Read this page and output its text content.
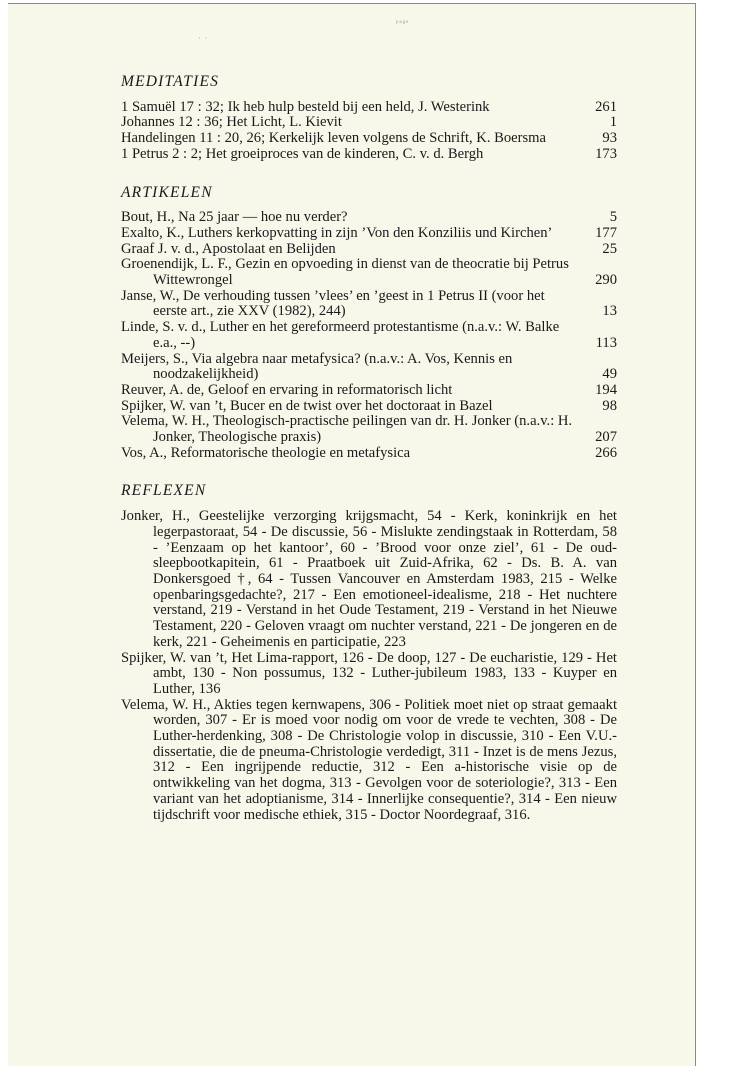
ᵖᵃᵍᵉ
· ·
MEDITATIES
1 Samuël 17 : 32; Ik heb hulp besteld bij een held, J. Westerink	261
Johannes 12 : 36; Het Licht, L. Kievit	1
Handelingen 11 : 20, 26; Kerkelijk leven volgens de Schrift, K. Boersma	93
1 Petrus 2 : 2; Het groeiproces van de kinderen, C. v. d. Bergh	173
ARTIKELEN
Bout, H., Na 25 jaar — hoe nu verder?	5
Exalto, K., Luthers kerkopvatting in zijn ’Von den Konziliis und Kirchen’	177
Graaf J. v. d., Apostolaat en Belijden	25
Groenendijk, L. F., Gezin en opvoeding in dienst van de theocratie bij Petrus Wittewrongel	290
Janse, W., De verhouding tussen ’vlees’ en ’geest in 1 Petrus II (voor het eerste art., zie XXV (1982), 244)	13
Linde, S. v. d., Luther en het gereformeerd protestantisme (n.a.v.: W. Balke e.a., --)	113
Meijers, S., Via algebra naar metafysica? (n.a.v.: A. Vos, Kennis en noodzakelijkheid)	49
Reuver, A. de, Geloof en ervaring in reformatorisch licht	194
Spijker, W. van ’t, Bucer en de twist over het doctoraat in Bazel	98
Velema, W. H., Theologisch-practische peilingen van dr. H. Jonker (n.a.v.: H. Jonker, Theologische praxis)	207
Vos, A., Reformatorische theologie en metafysica	266
REFLEXEN
Jonker, H., Geestelijke verzorging krijgsmacht, 54 - Kerk, koninkrijk en het legerpastoraat, 54 - De discussie, 56 - Mislukte zendingstaak in Rotterdam, 58 - ’Eenzaam op het kantoor’, 60 - ’Brood voor onze ziel’, 61 - De oud-sleepbootkapitein, 61 - Praatboek uit Zuid-Afrika, 62 - Ds. B. A. van Donkersgoed †, 64 - Tussen Vancouver en Amsterdam 1983, 215 - Welke openbaringsgedachte?, 217 - Een emotioneel-idealisme, 218 - Het nuchtere verstand, 219 - Verstand in het Oude Testament, 219 - Verstand in het Nieuwe Testament, 220 - Geloven vraagt om nuchter verstand, 221 - De jongeren en de kerk, 221 - Geheimenis en participatie, 223
Spijker, W. van ’t, Het Lima-rapport, 126 - De doop, 127 - De eucharistie, 129 - Het ambt, 130 - Non possumus, 132 - Luther-jubileum 1983, 133 - Kuyper en Luther, 136
Velema, W. H., Akties tegen kernwapens, 306 - Politiek moet niet op straat gemaakt worden, 307 - Er is moed voor nodig om voor de vrede te vechten, 308 - De Luther-herdenking, 308 - De Christologie volop in discussie, 310 - Een V.U.-dissertatie, die de pneuma-Christologie verdedigt, 311 - Inzet is de mens Jezus, 312 - Een ingrijpende reductie, 312 - Een a-historische visie op de ontwikkeling van het dogma, 313 - Gevolgen voor de soteriologie?, 313 - Een variant van het adoptianisme, 314 - Innerlijke consequentie?, 314 - Een nieuw tijdschrift voor medische ethiek, 315 - Doctor Noordegraaf, 316.
